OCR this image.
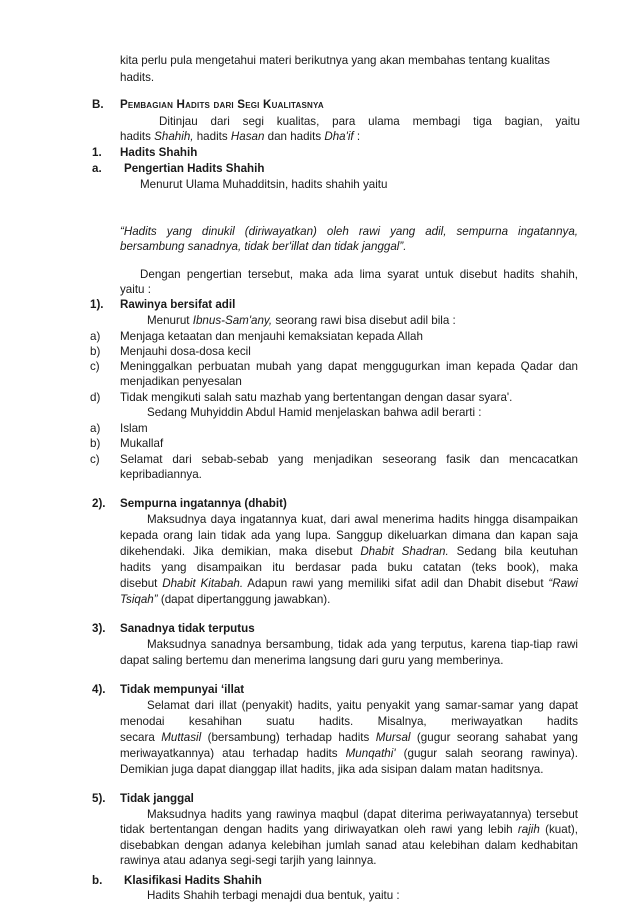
kita perlu pula mengetahui materi berikutnya yang akan membahas tentang kualitas
hadits.
B. Pembagian Hadits dari Segi Kualitasnya
Ditinjau dari segi kualitas, para ulama membagi tiga bagian, yaitu
hadits Shahih, hadits Hasan dan hadits Dha'if :
1. Hadits Shahih
a. Pengertian Hadits Shahih
Menurut Ulama Muhadditsin, hadits shahih yaitu
“Hadits yang dinukil (diriwayatkan) oleh rawi yang adil, sempurna ingatannya,
bersambung sanadnya, tidak ber'illat dan tidak janggal”.
Dengan pengertian tersebut, maka ada lima syarat untuk disebut hadits shahih,
yaitu :
1). Rawinya bersifat adil
Menurut Ibnus-Sam'any, seorang rawi bisa disebut adil bila :
a) Menjaga ketaatan dan menjauhi kemaksiatan kepada Allah
b) Menjauhi dosa-dosa kecil
c) Meninggalkan perbuatan mubah yang dapat menggugurkan iman kepada Qadar dan
menjadikan penyesalan
d) Tidak mengikuti salah satu mazhab yang bertentangan dengan dasar syara'.
Sedang Muhyiddin Abdul Hamid menjelaskan bahwa adil berarti :
a) Islam
b) Mukallaf
c) Selamat dari sebab-sebab yang menjadikan seseorang fasik dan mencacatkan
kepribadiannya.
2). Sempurna ingatannya (dhabit)
Maksudnya daya ingatannya kuat, dari awal menerima hadits hingga disampaikan
kepada orang lain tidak ada yang lupa. Sanggup dikeluarkan dimana dan kapan saja
dikehendaki. Jika demikian, maka disebut Dhabit Shadran. Sedang bila keutuhan
hadits yang disampaikan itu berdasar pada buku catatan (teks book), maka
disebut Dhabit Kitabah. Adapun rawi yang memiliki sifat adil dan Dhabit disebut “Rawi
Tsiqah” (dapat dipertanggung jawabkan).
3). Sanadnya tidak terputus
Maksudnya sanadnya bersambung, tidak ada yang terputus, karena tiap-tiap rawi
dapat saling bertemu dan menerima langsung dari guru yang memberinya.
4). Tidak mempunyai ‘illat
Selamat dari illat (penyakit) hadits, yaitu penyakit yang samar-samar yang dapat
menodai kesahihan suatu hadits. Misalnya, meriwayatkan hadits
secara Muttasil (bersambung) terhadap hadits Mursal (gugur seorang sahabat yang
meriwayatkannya) atau terhadap hadits Munqathi' (gugur salah seorang rawinya).
Demikian juga dapat dianggap illat hadits, jika ada sisipan dalam matan haditsnya.
5). Tidak janggal
Maksudnya hadits yang rawinya maqbul (dapat diterima periwayatannya) tersebut
tidak bertentangan dengan hadits yang diriwayatkan oleh rawi yang lebih rajih (kuat),
disebabkan dengan adanya kelebihan jumlah sanad atau kelebihan dalam kedhabitan
rawinya atau adanya segi-segi tarjih yang lainnya.
b. Klasifikasi Hadits Shahih
Hadits Shahih terbagi menajdi dua bentuk, yaitu :
